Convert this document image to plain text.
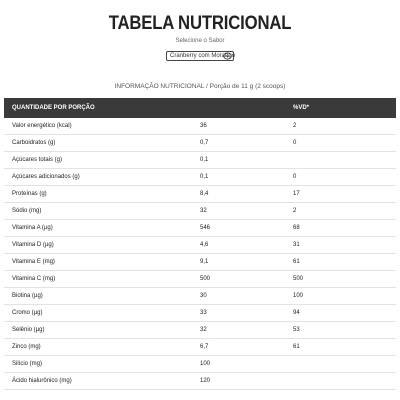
TABELA NUTRICIONAL
Selecione o Sabor
Cranberry com Morango
INFORMAÇÃO NUTRICIONAL / Porção de 11 g (2 scoops)
QUANTIDADE POR PORÇÃO	%VD*
Valor energético (kcal)	36	2
Carboidratos (g)	0,7	0
Açúcares totais (g)	0,1
Açúcares adicionados (g)	0,1	0
Proteínas (g)	8,4	17
Sódio (mg)	32	2
Vitamina A (µg)	546	68
Vitamina D (µg)	4,6	31
Vitamina E (mg)	9,1	61
Vitamina C (mg)	500	500
Biotina (µg)	30	100
Cromo (µg)	33	94
Selênio (µg)	32	53
Zinco (mg)	6,7	61
Silício (mg)	100
Ácido hialurônico (mg)	120
